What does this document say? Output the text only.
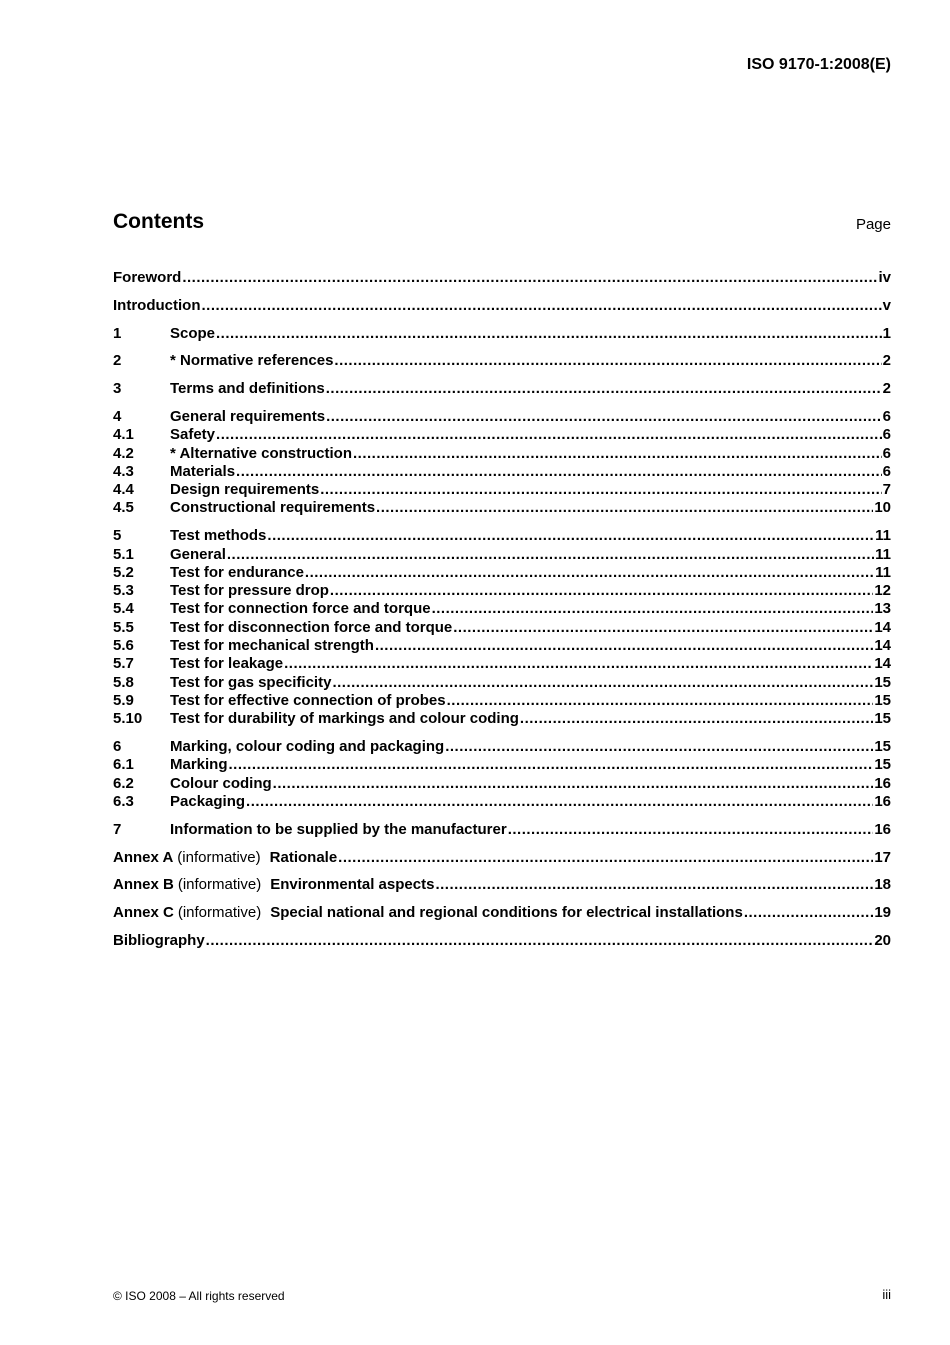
ISO 9170-1:2008(E)
Contents	Page
Foreword .....	iv
Introduction .....	v
1	Scope .....	1
2	* Normative references .....	2
3	Terms and definitions .....	2
4	General requirements .....	6
4.1	Safety .....	6
4.2	* Alternative construction .....	6
4.3	Materials .....	6
4.4	Design requirements .....	7
4.5	Constructional requirements .....	10
5	Test methods .....	11
5.1	General .....	11
5.2	Test for endurance .....	11
5.3	Test for pressure drop .....	12
5.4	Test for connection force and torque .....	13
5.5	Test for disconnection force and torque .....	14
5.6	Test for mechanical strength .....	14
5.7	Test for leakage .....	14
5.8	Test for gas specificity .....	15
5.9	Test for effective connection of probes .....	15
5.10	Test for durability of markings and colour coding .....	15
6	Marking, colour coding and packaging .....	15
6.1	Marking .....	15
6.2	Colour coding .....	16
6.3	Packaging .....	16
7	Information to be supplied by the manufacturer .....	16
Annex A (informative) Rationale .....	17
Annex B (informative) Environmental aspects .....	18
Annex C (informative) Special national and regional conditions for electrical installations .....	19
Bibliography .....	20
© ISO 2008 – All rights reserved	iii
